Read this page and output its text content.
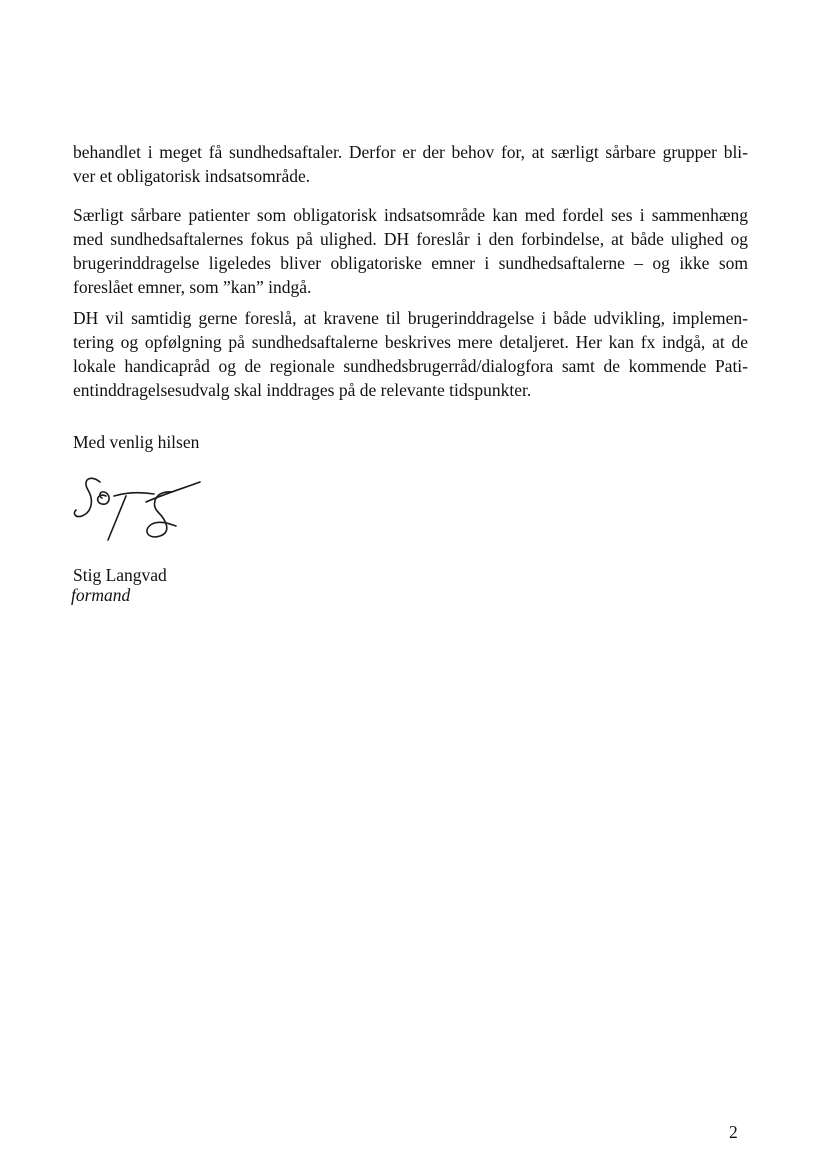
behandlet i meget få sundhedsaftaler. Derfor er der behov for, at særligt sårbare grupper bli-
ver et obligatorisk indsatsområde.
Særligt sårbare patienter som obligatorisk indsatsområde kan med fordel ses i sammenhæng
med sundhedsaftalernes fokus på ulighed. DH foreslår i den forbindelse, at både ulighed og
brugerinddragelse ligeledes bliver obligatoriske emner i sundhedsaftalerne – og ikke som
foreslået emner, som ”kan” indgå.
DH vil samtidig gerne foreslå, at kravene til brugerinddragelse i både udvikling, implemen-
tering og opfølgning på sundhedsaftalerne beskrives mere detaljeret. Her kan fx indgå, at de
lokale handicapråd og de regionale sundhedsbrugerråd/dialogfora samt de kommende Pati-
entinddragelsesudvalg skal inddrages på de relevante tidspunkter.

Med venlig hilsen

Stig Langvad

formand

2
